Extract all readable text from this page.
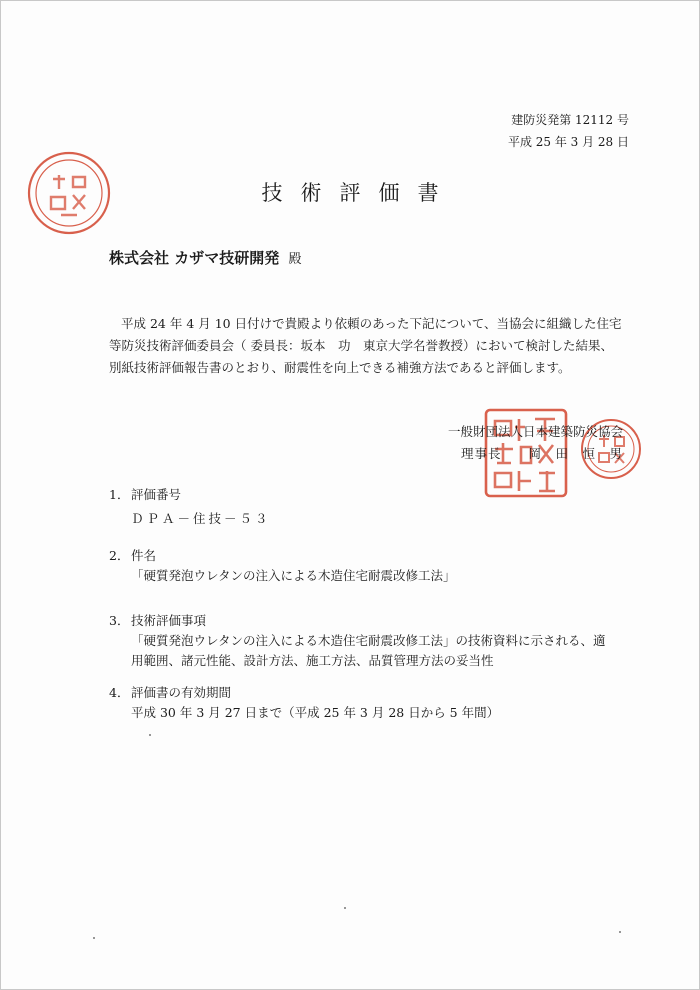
建防災発第 12112 号
平成 25 年 3 月 28 日
技術評価書
株式会社 カザマ技研開発 殿

平成 24 年 4 月 10 日付けで貴殿より依頼のあった下記について、当協会に組織した住宅

等防災技術評価委員会（ 委員長：坂本　功　東京大学名誉教授）において検討した結果、

別紙技術評価報告書のとおり、耐震性を向上できる補強方法であると評価します。

一般財団法人日本建築防災協会
理事長　　岡　田　恒　男
1． 評価番号
ＤＰＡ－住技－５３
2． 件名
「硬質発泡ウレタンの注入による木造住宅耐震改修工法」
3． 技術評価事項
「硬質発泡ウレタンの注入による木造住宅耐震改修工法」の技術資料に示される、適
用範囲、諸元性能、設計方法、施工方法、品質管理方法の妥当性
4． 評価書の有効期間
平成 30 年 3 月 27 日まで（平成 25 年 3 月 28 日から 5 年間）
